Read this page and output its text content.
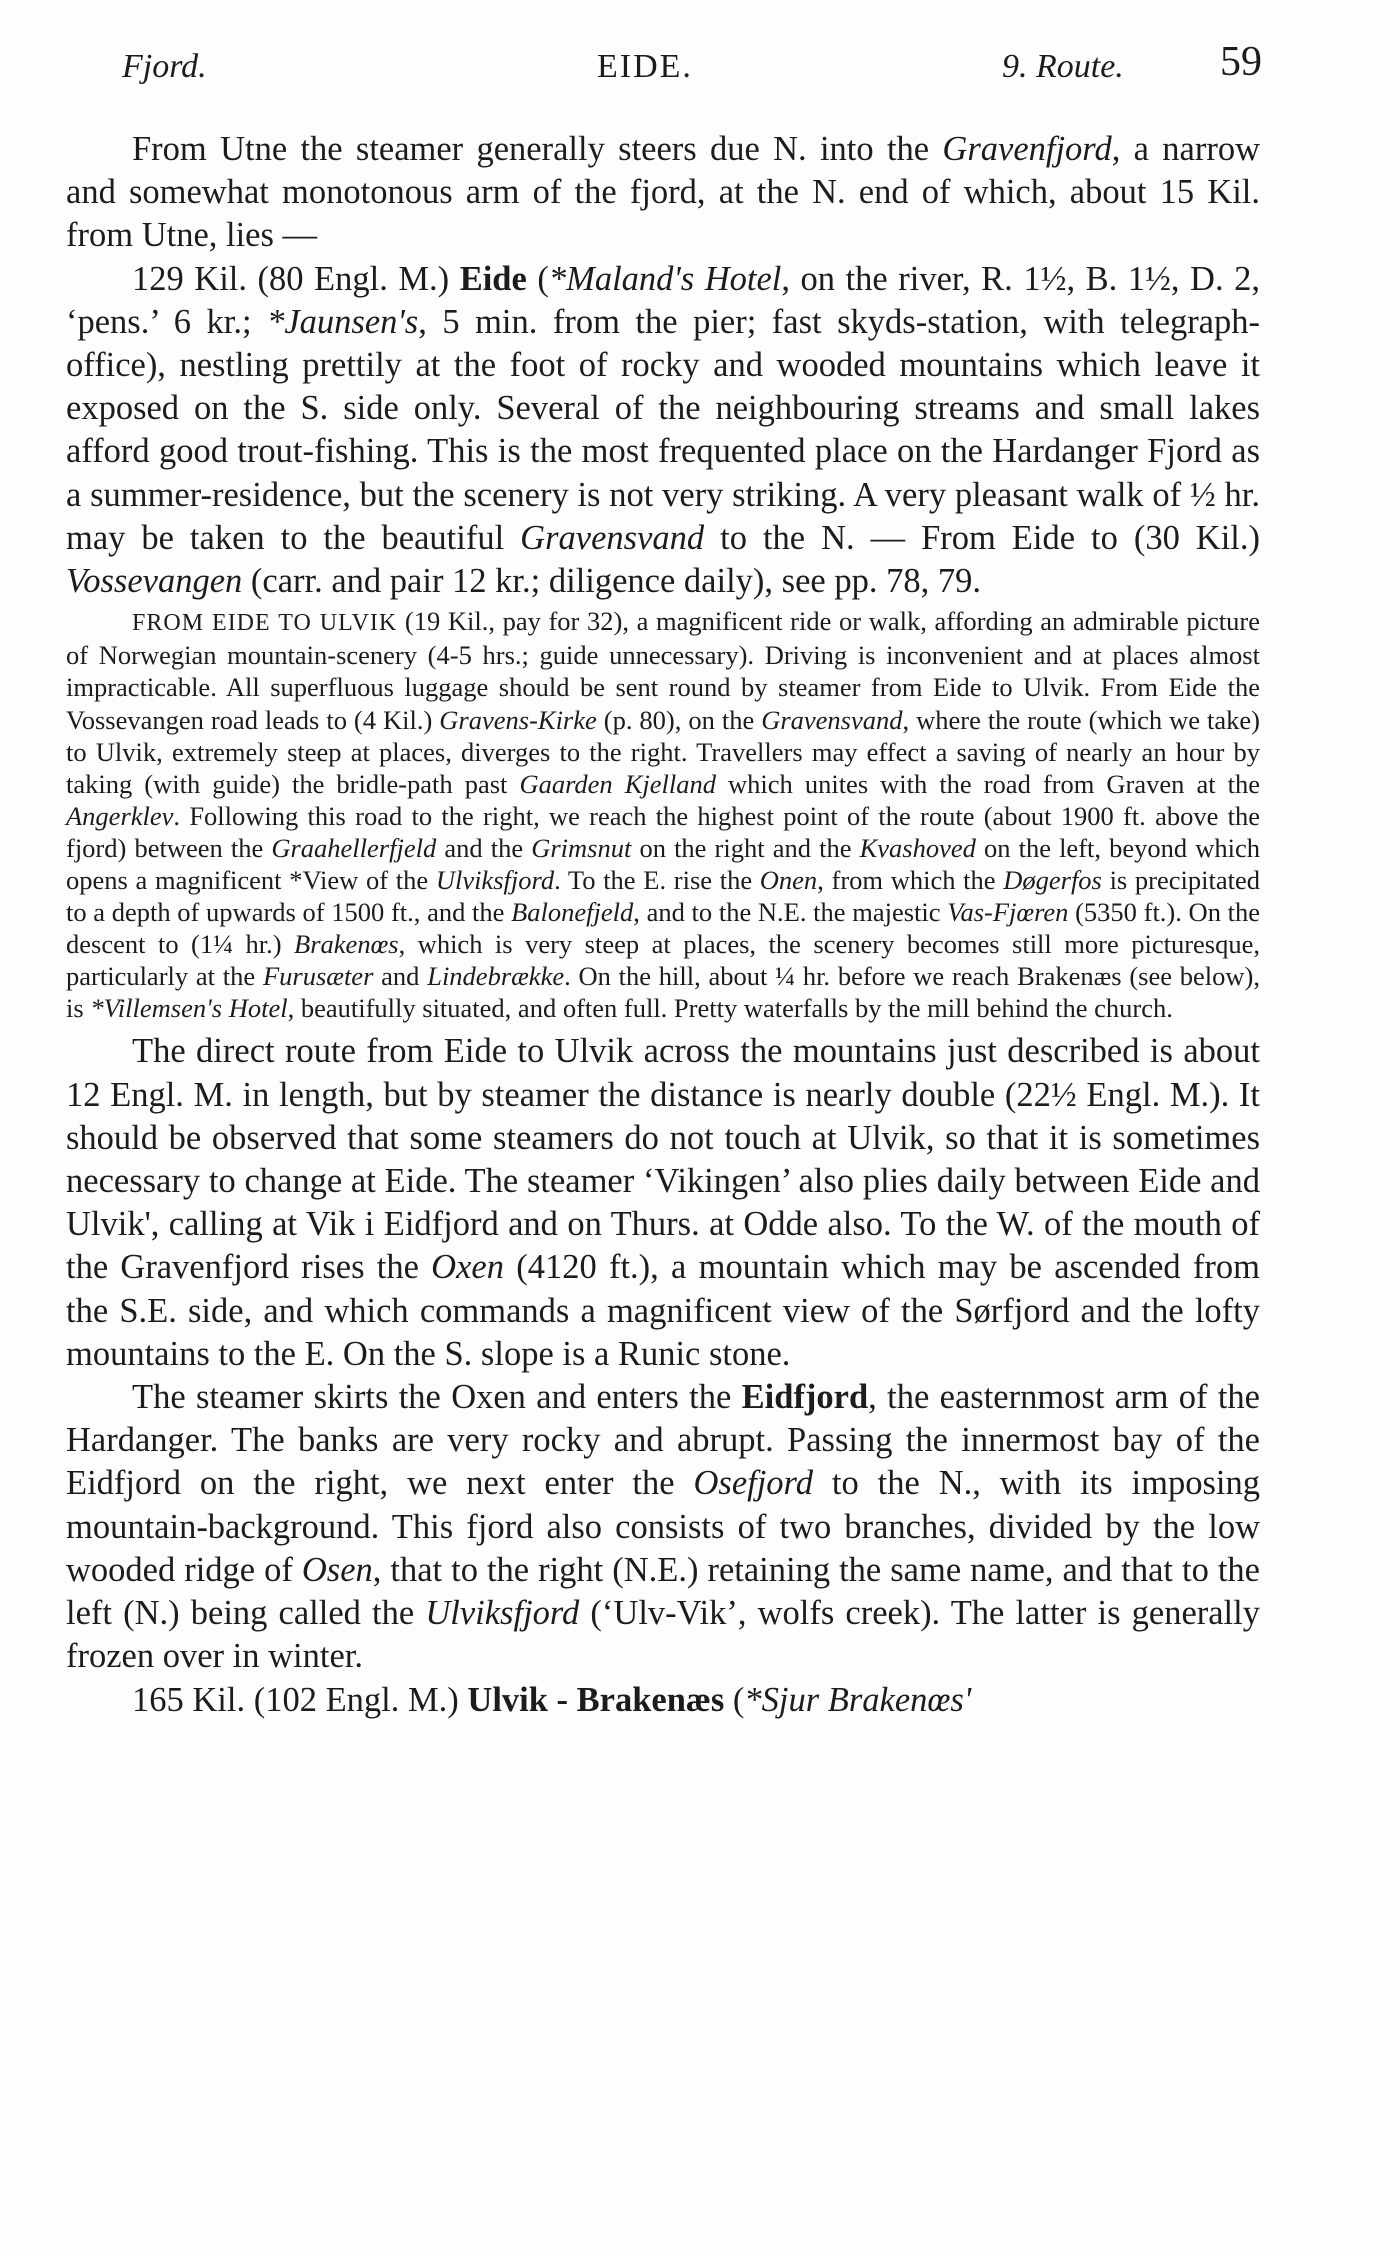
Fjord.	EIDE.	9. Route. 59

From Utne the steamer generally steers due N. into the Gravenfjord, a narrow and somewhat monotonous arm of the fjord, at the N. end of which, about 15 Kil. from Utne, lies —

129 Kil. (80 Engl. M.) Eide (*Maland's Hotel, on the river, R. 1½, B. 1½, D. 2, ‘pens.’ 6 kr.; *Jaunsen's, 5 min. from the pier; fast skyds-station, with telegraph-office), nestling prettily at the foot of rocky and wooded mountains which leave it exposed on the S. side only. Several of the neighbouring streams and small lakes afford good trout-fishing. This is the most frequented place on the Hardanger Fjord as a summer-residence, but the scenery is not very striking. A very pleasant walk of ½ hr. may be taken to the beautiful Gravensvand to the N. — From Eide to (30 Kil.) Vossevangen (carr. and pair 12 kr.; diligence daily), see pp. 78, 79.

FROM EIDE TO ULVIK (19 Kil., pay for 32), a magnificent ride or walk, affording an admirable picture of Norwegian mountain-scenery (4-5 hrs.; guide unnecessary). Driving is inconvenient and at places almost impracticable. All superfluous luggage should be sent round by steamer from Eide to Ulvik. From Eide the Vossevangen road leads to (4 Kil.) Gravens-Kirke (p. 80), on the Gravensvand, where the route (which we take) to Ulvik, extremely steep at places, diverges to the right. Travellers may effect a saving of nearly an hour by taking (with guide) the bridle-path past Gaarden Kjelland which unites with the road from Graven at the Angerklev. Following this road to the right, we reach the highest point of the route (about 1900 ft. above the fjord) between the Graahellerfjeld and the Grimsnut on the right and the Kvashoved on the left, beyond which opens a magnificent *View of the Ulviksfjord. To the E. rise the Onen, from which the Døgerfos is precipitated to a depth of upwards of 1500 ft., and the Balonefjeld, and to the N.E. the majestic Vas-Fjœren (5350 ft.). On the descent to (1¼ hr.) Brakenœs, which is very steep at places, the scenery becomes still more picturesque, particularly at the Furusæter and Lindebrække. On the hill, about ¼ hr. before we reach Brakenæs (see below), is *Villemsen's Hotel, beautifully situated, and often full. Pretty waterfalls by the mill behind the church.

The direct route from Eide to Ulvik across the mountains just described is about 12 Engl. M. in length, but by steamer the distance is nearly double (22½ Engl. M.). It should be observed that some steamers do not touch at Ulvik, so that it is sometimes necessary to change at Eide. The steamer ‘Vikingen’ also plies daily between Eide and Ulvik', calling at Vik i Eidfjord and on Thurs. at Odde also. To the W. of the mouth of the Gravenfjord rises the Oxen (4120 ft.), a mountain which may be ascended from the S.E. side, and which commands a magnificent view of the Sørfjord and the lofty mountains to the E. On the S. slope is a Runic stone.

The steamer skirts the Oxen and enters the Eidfjord, the easternmost arm of the Hardanger. The banks are very rocky and abrupt. Passing the innermost bay of the Eidfjord on the right, we next enter the Osefjord to the N., with its imposing mountain-background. This fjord also consists of two branches, divided by the low wooded ridge of Osen, that to the right (N.E.) retaining the same name, and that to the left (N.) being called the Ulviksfjord (‘Ulv-Vik’, wolfs creek). The latter is generally frozen over in winter.

165 Kil. (102 Engl. M.) Ulvik - Brakenæs (*Sjur Brakenœs'
